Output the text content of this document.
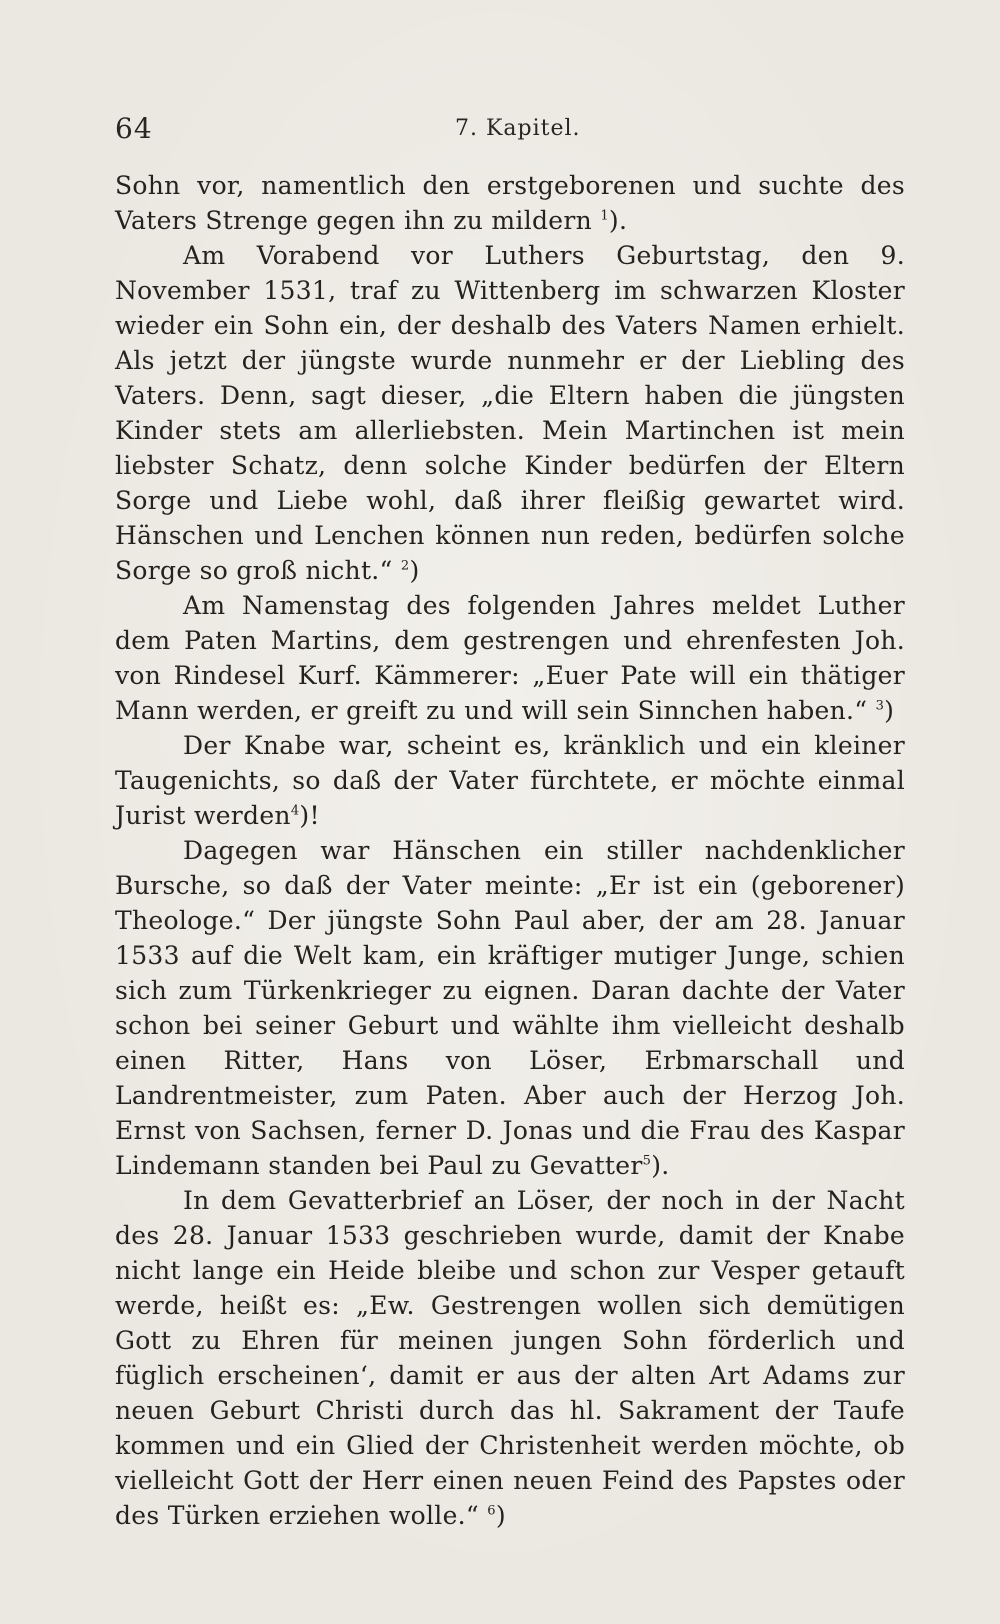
64	7. Kapitel.

Sohn vor, namentlich den erstgeborenen und suchte des Vaters Strenge gegen ihn zu mildern $^1$).

Am Vorabend vor Luthers Geburtstag, den 9. November 1531, traf zu Wittenberg im schwarzen Kloster wieder ein Sohn ein, der deshalb des Vaters Namen erhielt. Als jetzt der jüngste wurde nunmehr er der Liebling des Vaters. Denn, sagt dieser, „die Eltern haben die jüngsten Kinder stets am allerliebsten. Mein Martinchen ist mein liebster Schatz, denn solche Kinder bedürfen der Eltern Sorge und Liebe wohl, daß ihrer fleißig gewartet wird. Hänschen und Lenchen können nun reden, bedürfen solche Sorge so groß nicht.“ $^2$)

Am Namenstag des folgenden Jahres meldet Luther dem Paten Martins, dem gestrengen und ehrenfesten Joh. von Rindesel Kurf. Kämmerer: „Euer Pate will ein thätiger Mann werden, er greift zu und will sein Sinnchen haben.“ $^3$)

Der Knabe war, scheint es, kränklich und ein kleiner Taugenichts, so daß der Vater fürchtete, er möchte einmal Jurist werden$^4$)!

Dagegen war Hänschen ein stiller nachdenklicher Bursche, so daß der Vater meinte: „Er ist ein (geborener) Theologe.“ Der jüngste Sohn Paul aber, der am 28. Januar 1533 auf die Welt kam, ein kräftiger mutiger Junge, schien sich zum Türkenkrieger zu eignen. Daran dachte der Vater schon bei seiner Geburt und wählte ihm vielleicht deshalb einen Ritter, Hans von Löser, Erbmarschall und Landrentmeister, zum Paten. Aber auch der Herzog Joh. Ernst von Sachsen, ferner D. Jonas und die Frau des Kaspar Lindemann standen bei Paul zu Gevatter$^5$).

In dem Gevatterbrief an Löser, der noch in der Nacht des 28. Januar 1533 geschrieben wurde, damit der Knabe nicht lange ein Heide bleibe und schon zur Vesper getauft werde, heißt es: „Ew. Gestrengen wollen sich demütigen Gott zu Ehren für meinen jungen Sohn förderlich und füglich erscheinen‘, damit er aus der alten Art Adams zur neuen Geburt Christi durch das hl. Sakrament der Taufe kommen und ein Glied der Christenheit werden möchte, ob vielleicht Gott der Herr einen neuen Feind des Papstes oder des Türken erziehen wolle.“ $^6$)
